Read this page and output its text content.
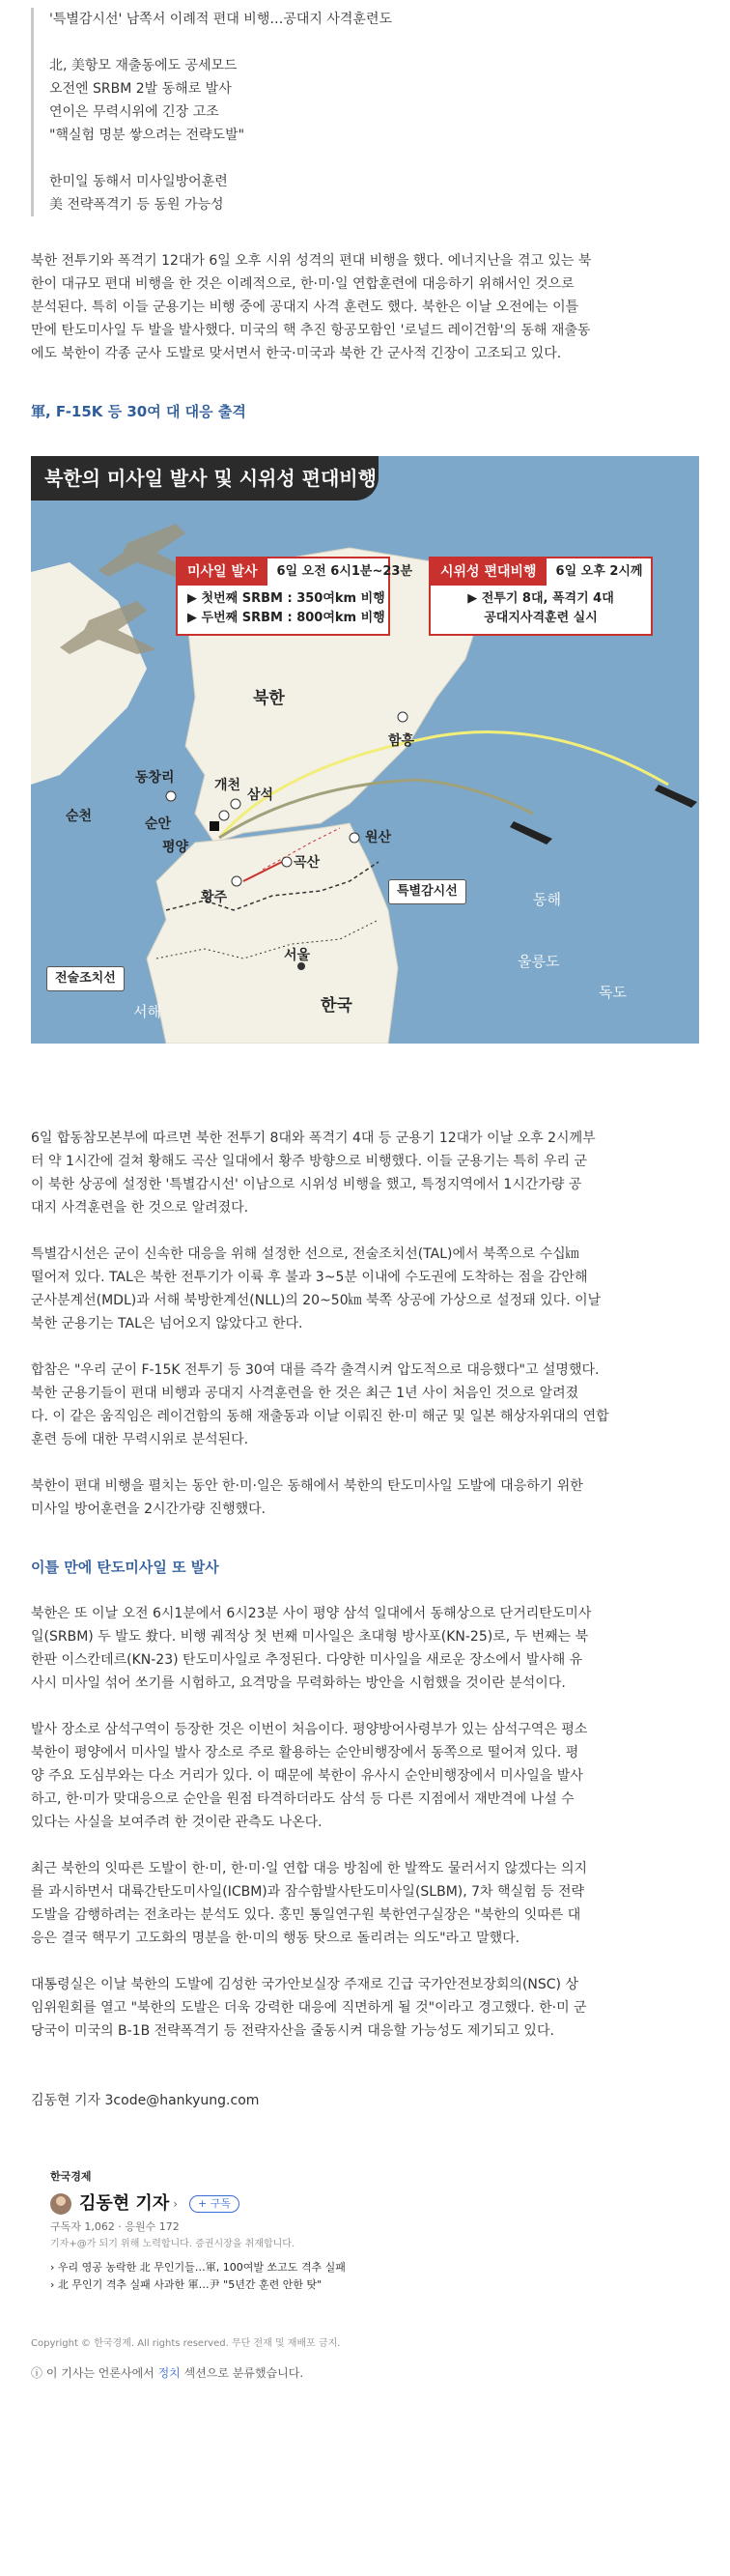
'특별감시선' 남쪽서 이례적 편대 비행…공대지 사격훈련도
北, 美항모 재출동에도 공세모드
오전엔 SRBM 2발 동해로 발사
연이은 무력시위에 긴장 고조
"핵실험 명분 쌓으려는 전략도발"
한미일 동해서 미사일방어훈련
美 전략폭격기 등 동원 가능성
북한 전투기와 폭격기 12대가 6일 오후 시위 성격의 편대 비행을 했다. 에너지난을 겪고 있는 북
한이 대규모 편대 비행을 한 것은 이례적으로, 한·미·일 연합훈련에 대응하기 위해서인 것으로
분석된다. 특히 이들 군용기는 비행 중에 공대지 사격 훈련도 했다. 북한은 이날 오전에는 이틀
만에 탄도미사일 두 발을 발사했다. 미국의 핵 추진 항공모함인 '로널드 레이건함'의 동해 재출동
에도 북한이 각종 군사 도발로 맞서면서 한국·미국과 북한 간 군사적 긴장이 고조되고 있다.
軍, F-15K 등 30여 대 대응 출격
북한의 미사일 발사 및 시위성 편대비행
미사일 발사	6일 오전 6시1분~23분
▶ 첫번째 SRBM : 350여km 비행
▶ 두번째 SRBM : 800여km 비행
시위성 편대비행	6일 오후 2시께
▶ 전투기 8대, 폭격기 4대
공대지사격훈련 실시
북한
함흥
동창리	개천
삼석
순천	순안
평양
원산
곡산
황주	특별감시선	동해
서울
한국
전술조치선
서해
울릉도
독도
6일 합동참모본부에 따르면 북한 전투기 8대와 폭격기 4대 등 군용기 12대가 이날 오후 2시께부
터 약 1시간에 걸쳐 황해도 곡산 일대에서 황주 방향으로 비행했다. 이들 군용기는 특히 우리 군
이 북한 상공에 설정한 '특별감시선' 이남으로 시위성 비행을 했고, 특정지역에서 1시간가량 공
대지 사격훈련을 한 것으로 알려졌다.
특별감시선은 군이 신속한 대응을 위해 설정한 선으로, 전술조치선(TAL)에서 북쪽으로 수십㎞
떨어져 있다. TAL은 북한 전투기가 이륙 후 불과 3~5분 이내에 수도권에 도착하는 점을 감안해
군사분계선(MDL)과 서해 북방한계선(NLL)의 20~50㎞ 북쪽 상공에 가상으로 설정돼 있다. 이날
북한 군용기는 TAL은 넘어오지 않았다고 한다.
합참은 "우리 군이 F-15K 전투기 등 30여 대를 즉각 출격시켜 압도적으로 대응했다"고 설명했다.
북한 군용기들이 편대 비행과 공대지 사격훈련을 한 것은 최근 1년 사이 처음인 것으로 알려졌
다. 이 같은 움직임은 레이건함의 동해 재출동과 이날 이뤄진 한·미 해군 및 일본 해상자위대의 연합
훈련 등에 대한 무력시위로 분석된다.
북한이 편대 비행을 펼치는 동안 한·미·일은 동해에서 북한의 탄도미사일 도발에 대응하기 위한
미사일 방어훈련을 2시간가량 진행했다.
이틀 만에 탄도미사일 또 발사
북한은 또 이날 오전 6시1분에서 6시23분 사이 평양 삼석 일대에서 동해상으로 단거리탄도미사
일(SRBM) 두 발도 쐈다. 비행 궤적상 첫 번째 미사일은 초대형 방사포(KN-25)로, 두 번째는 북
한판 이스칸데르(KN-23) 탄도미사일로 추정된다. 다양한 미사일을 새로운 장소에서 발사해 유
사시 미사일 섞어 쏘기를 시험하고, 요격망을 무력화하는 방안을 시험했을 것이란 분석이다.
발사 장소로 삼석구역이 등장한 것은 이번이 처음이다. 평양방어사령부가 있는 삼석구역은 평소
북한이 평양에서 미사일 발사 장소로 주로 활용하는 순안비행장에서 동쪽으로 떨어져 있다. 평
양 주요 도심부와는 다소 거리가 있다. 이 때문에 북한이 유사시 순안비행장에서 미사일을 발사
하고, 한·미가 맞대응으로 순안을 원점 타격하더라도 삼석 등 다른 지점에서 재반격에 나설 수
있다는 사실을 보여주려 한 것이란 관측도 나온다.
최근 북한의 잇따른 도발이 한·미, 한·미·일 연합 대응 방침에 한 발짝도 물러서지 않겠다는 의지
를 과시하면서 대륙간탄도미사일(ICBM)과 잠수함발사탄도미사일(SLBM), 7차 핵실험 등 전략
도발을 감행하려는 전초라는 분석도 있다. 홍민 통일연구원 북한연구실장은 "북한의 잇따른 대
응은 결국 핵무기 고도화의 명분을 한·미의 행동 탓으로 돌리려는 의도"라고 말했다.
대통령실은 이날 북한의 도발에 김성한 국가안보실장 주재로 긴급 국가안전보장회의(NSC) 상
임위원회를 열고 "북한의 도발은 더욱 강력한 대응에 직면하게 될 것"이라고 경고했다. 한·미 군
당국이 미국의 B-1B 전략폭격기 등 전략자산을 줄동시켜 대응할 가능성도 제기되고 있다.
김동현 기자 3code@hankyung.com
한국경제
김동현 기자 ›	+ 구독
구독자 1,062 · 응원수 172
기자+@가 되기 위해 노력합니다. 증권시장을 취재합니다.
› 우리 영공 농락한 北 무인기들…軍, 100여발 쏘고도 격추 실패
› 北 무인기 격추 실패 사과한 軍…尹 "5년간 훈련 안한 탓"
Copyright © 한국경제. All rights reserved. 무단 전재 및 재배포 금지.
ⓘ 이 기사는 언론사에서 정치 섹션으로 분류했습니다.
